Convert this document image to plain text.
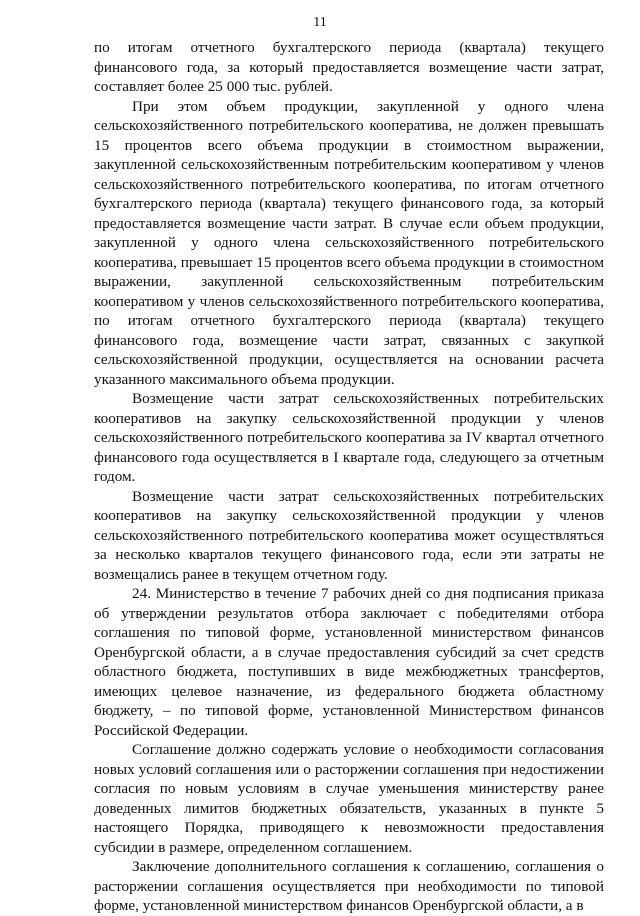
11

по итогам отчетного бухгалтерского периода (квартала) текущего финансового года, за который предоставляется возмещение части затрат, составляет более 25 000 тыс. рублей.

При этом объем продукции, закупленной у одного члена сельскохозяйственного потребительского кооператива, не должен превышать 15 процентов всего объема продукции в стоимостном выражении, закупленной сельскохозяйственным потребительским кооперативом у членов сельскохозяйственного потребительского кооператива, по итогам отчетного бухгалтерского периода (квартала) текущего финансового года, за который предоставляется возмещение части затрат. В случае если объем продукции, закупленной у одного члена сельскохозяйственного потребительского кооператива, превышает 15 процентов всего объема продукции в стоимостном выражении, закупленной сельскохозяйственным потребительским кооперативом у членов сельскохозяйственного потребительского кооператива, по итогам отчетного бухгалтерского периода (квартала) текущего финансового года, возмещение части затрат, связанных с закупкой сельскохозяйственной продукции, осуществляется на основании расчета указанного максимального объема продукции.

Возмещение части затрат сельскохозяйственных потребительских кооперативов на закупку сельскохозяйственной продукции у членов сельскохозяйственного потребительского кооператива за IV квартал отчетного финансового года осуществляется в I квартале года, следующего за отчетным годом.

Возмещение части затрат сельскохозяйственных потребительских кооперативов на закупку сельскохозяйственной продукции у членов сельскохозяйственного потребительского кооператива может осуществляться за несколько кварталов текущего финансового года, если эти затраты не возмещались ранее в текущем отчетном году.

24. Министерство в течение 7 рабочих дней со дня подписания приказа об утверждении результатов отбора заключает с победителями отбора соглашения по типовой форме, установленной министерством финансов Оренбургской области, а в случае предоставления субсидий за счет средств областного бюджета, поступивших в виде межбюджетных трансфертов, имеющих целевое назначение, из федерального бюджета областному бюджету, – по типовой форме, установленной Министерством финансов Российской Федерации.

Соглашение должно содержать условие о необходимости согласования новых условий соглашения или о расторжении соглашения при недостижении согласия по новым условиям в случае уменьшения министерству ранее доведенных лимитов бюджетных обязательств, указанных в пункте 5 настоящего Порядка, приводящего к невозможности предоставления субсидии в размере, определенном соглашением.

Заключение дополнительного соглашения к соглашению, соглашения о расторжении соглашения осуществляется при необходимости по типовой форме, установленной министерством финансов Оренбургской области, а в
